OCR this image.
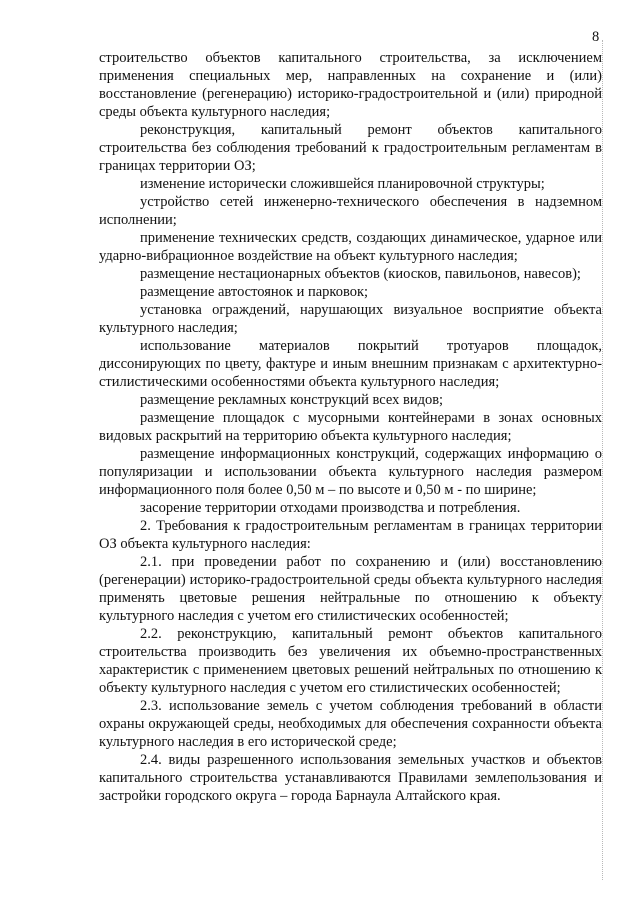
8

строительство объектов капитального строительства, за исключением применения специальных мер, направленных на сохранение и (или) восстановление (регенерацию) историко-градостроительной и (или) природной среды объекта культурного наследия;

реконструкция, капитальный ремонт объектов капитального строительства без соблюдения требований к градостроительным регламентам в границах территории ОЗ;

изменение исторически сложившейся планировочной структуры;

устройство сетей инженерно-технического обеспечения в надземном исполнении;

применение технических средств, создающих динамическое, ударное или ударно-вибрационное воздействие на объект культурного наследия;

размещение нестационарных объектов (киосков, павильонов, навесов);

размещение автостоянок и парковок;

установка ограждений, нарушающих визуальное восприятие объекта культурного наследия;

использование материалов покрытий тротуаров площадок, диссонирующих по цвету, фактуре и иным внешним признакам с архитектурно-стилистическими особенностями объекта культурного наследия;

размещение рекламных конструкций всех видов;

размещение площадок с мусорными контейнерами в зонах основных видовых раскрытий на территорию объекта культурного наследия;

размещение информационных конструкций, содержащих информацию о популяризации и использовании объекта культурного наследия размером информационного поля более 0,50 м – по высоте и 0,50 м - по ширине;

засорение территории отходами производства и потребления.

2. Требования к градостроительным регламентам в границах территории ОЗ объекта культурного наследия:

2.1. при проведении работ по сохранению и (или) восстановлению (регенерации) историко-градостроительной среды объекта культурного наследия применять цветовые решения нейтральные по отношению к объекту культурного наследия с учетом его стилистических особенностей;

2.2. реконструкцию, капитальный ремонт объектов капитального строительства производить без увеличения их объемно-пространственных характеристик с применением цветовых решений нейтральных по отношению к объекту культурного наследия с учетом его стилистических особенностей;

2.3. использование земель с учетом соблюдения требований в области охраны окружающей среды, необходимых для обеспечения сохранности объекта культурного наследия в его исторической среде;

2.4. виды разрешенного использования земельных участков и объектов капитального строительства устанавливаются Правилами землепользования и застройки городского округа – города Барнаула Алтайского края.
